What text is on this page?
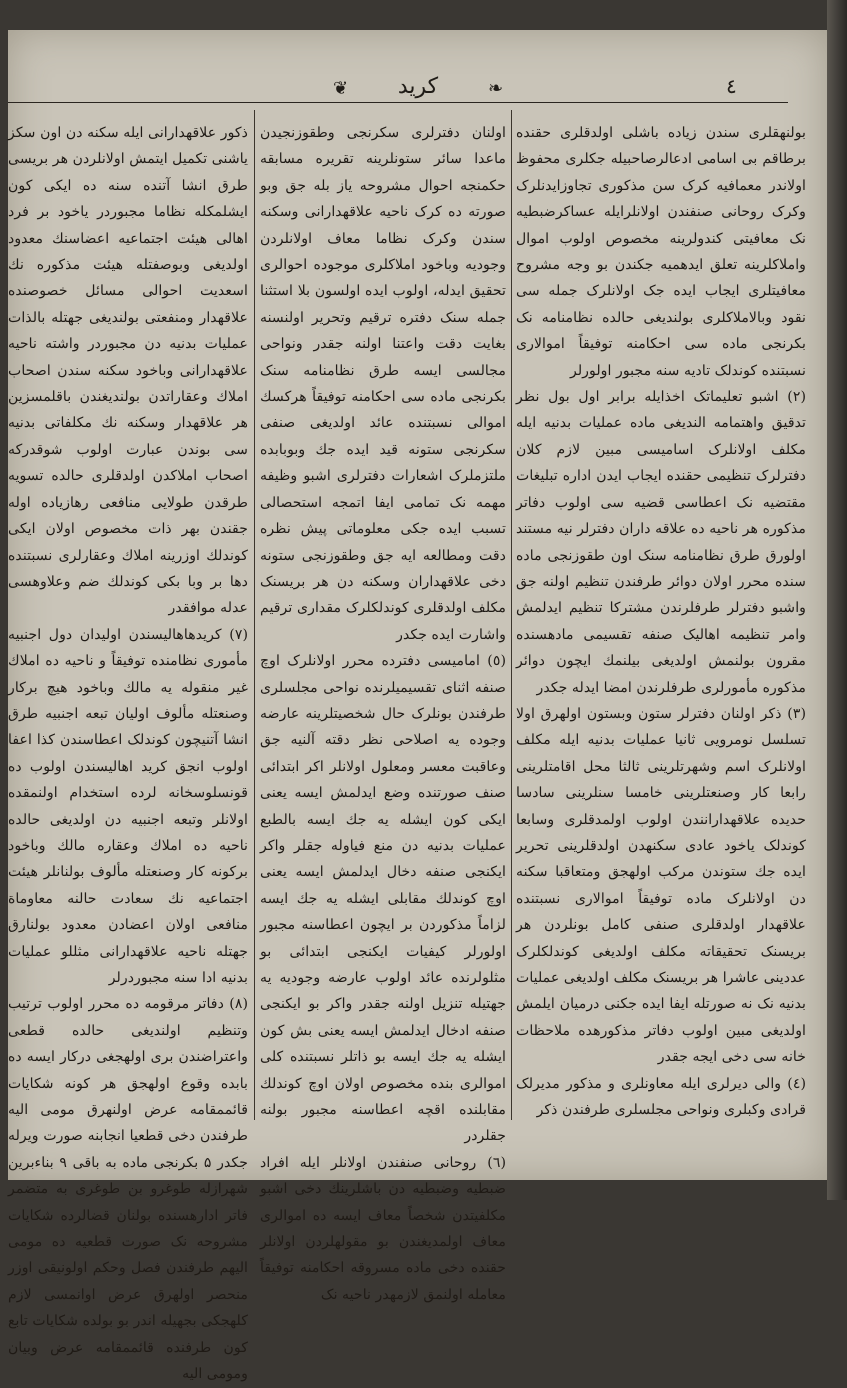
❦	كريد	❧	٤

بولنهقلری سندن زیاده باشلی اولدقلری حقنده برطاقم بی اسامی ادعالرصاحبیله جکلری محفوظ اولاندر معمافیه کرک سن مذکوری تجاوزایدنلرک وکرک روحانی صنفندن اولانلرایله عساکرضبطیه نک معافیتی کندولرینه مخصوص اولوب اموال واملاکلرینه تعلق ایدهمیه جکندن بو وجه مشروح معافیتلری ایجاب ایده جک اولانلرک جمله سی نقود وبالاملاکلری بولندیغی حالده نظامنامه نک بکرنجی ماده سی احکامنه توفیقاً اموالاری نسبتنده کوندلک تادیه سنه مجبور اولورلر

(٢) اشبو تعلیماتک اخذایله برابر اول بول نظر تدقیق واهتمامه الندیغی ماده عملیات بدنیه ایله مکلف اولانلرک اسامیسی مبین لازم کلان دفترلرک تنظیمی حقنده ایجاب ایدن اداره تبلیغات مقتضیه نک اعطاسی قضیه سی اولوب دفاتر مذکوره هر ناحیه ده علاقه داران دفترلر نیه مستند اولورق طرق نظامنامه سنک اون طقوزنجی ماده سنده محرر اولان دوائر طرفندن تنظیم اولنه جق واشبو دفترلر طرفلرندن مشترکا تنظیم ایدلمش وامر تنظیمه اهالیک صنفه تقسیمی مادهسنده مقرون بولنمش اولدیغی بیلنمك ایچون دوائر مذکوره مأمورلری طرفلرندن امضا ایدله جکدر

(٣) ذکر اولنان دفترلر ستون وبستون اولهرق اولا تسلسل نومرویی ثانیا عملیات بدنیه ایله مکلف اولانلرک اسم وشهرتلرینی ثالثا محل اقامتلرینی رابعا کار وصنعتلرینی خامسا سنلرینی سادسا حدیده علاقهدارانندن اولوب اولمدقلری وسابعا کوندلک یاخود عادی سکنهدن اولدقلرینی تحریر ایده جك ستوندن مرکب اولهجق ومتعاقبا سکنه دن اولانلرک ماده توفیقاً اموالاری نسبتنده علاقهدار اولدقلری صنفی کامل بونلردن هر بریسنک تحقیقاته مکلف اولدیغی کوندلکلرک عددینی عاشرا هر بریسنک مکلف اولدیغی عملیات بدنیه نک نه صورتله ایفا ایده جکنی درمیان ایلمش اولدیغی مبین اولوب دفاتر مذکورهده ملاحظات خانه سی دخی ایجه جقدر

(٤) والی دیرلری ایله معاونلری و مذکور مدیرلک قرادی وکبلری ونواحی مجلسلری طرفندن ذکر

اولنان دفترلری سکرنجی وطقوزنجیدن ماعدا سائر ستونلرینه تقریره مسابقه حکمنجه احوال مشروحه یاز بله جق وبو صورته ده کرک ناحیه علاقهدارانی وسکنه سندن وکرک نظاما معاف اولانلردن وجودیه وباخود املاکلری موجوده احوالری تحقیق ایدله، اولوب ایده اولسون بلا استثنا جمله سنک دفتره ترقیم وتحریر اولنسنه بغایت دقت واعتنا اولنه جقدر ونواحی مجالسی ایسه طرق نظامنامه سنک بکرنجی ماده سی احکامنه توفیقاً هرکسك اموالی نسبتنده عائد اولدیغی صنفی سکرنجی ستونه قید ایده جك وبوبابده ملتزملرک اشعارات دفترلری اشبو وظیفه مهمه نک تمامی ایفا اتمجه استحصالی تسبب ایده جکی معلوماتی پیش نظره دقت ومطالعه ایه جق وطقوزنجی ستونه دخی علاقهداران وسکنه دن هر بریسنک مکلف اولدقلری کوندلکلرک مقداری ترقیم واشارت ایده جکدر

(٥) امامیسی دفترده محرر اولانلرک اوچ صنفه اثنای تقسیمیلرنده نواحی مجلسلری طرفندن بونلرک حال شخصیتلرینه عارضه وجوده یه اصلاحی نظر دقته آلنیه جق وعاقبت معسر ومعلول اولانلر اکر ابتدائی صنف صورتنده وضع ایدلمش ایسه یعنی ایکی کون ایشله یه جك ایسه بالطبع عملیات بدنیه دن منع فیاوله جقلر واکر ایکنجی صنفه دخال ایدلمش ایسه یعنی اوچ کوندلك مقابلی ایشله یه جك ایسه لزاماً مذکوردن بر ایچون اعطاسنه مجبور اولورلر کیفیات ایکنجی ابتدائی بو مثلولرنده عائد اولوب عارضه وجودیه یه جهتیله تنزیل اولنه جقدر واکر بو ایکنجی صنفه ادخال ایدلمش ایسه یعنی بش کون ایشله یه جك ایسه بو ذاتلر نسبتنده کلی اموالری بنده مخصوص اولان اوچ کوندلك مقابلنده اقچه اعطاسنه مجبور بولنه جقلردر

(٦) روحانی صنفندن اولانلر ایله افراد ضبطیه وضبطیه دن باشلرینك دخی اشبو مکلفیتدن شخصاً معاف ایسه ده اموالری معاف اولمدیغندن بو مقولهلردن اولانلر حقنده دخی ماده مسروقه احکامنه توفیقاً معامله اولنمق لازمهدر ناحیه نک

ذکور علاقهدارانی ایله سکنه دن اون سکز یاشنی تکمیل ایتمش اولانلردن هر بریسی طرق انشا آتنده سنه ده ایکی کون ایشلمکله نظاما مجبوردر یاخود بر فرد اهالی هیئت اجتماعیه اعضاسنك معدود اولدیغی وبوصفتله هیئت مذکوره نك اسعدیت احوالی مسائل خصوصنده علاقهدار ومنفعتی بولندیغی جهتله بالذات عملیات بدنیه دن مجبوردر واشته ناحیه علاقهدارانی وباخود سکنه سندن اصحاب املاك وعقاراتدن بولندیغندن باقلمسزین هر علاقهدار وسکنه نك مکلفاتی بدنیه سی بوندن عبارت اولوب شوقدرکه اصحاب املاکدن اولدقلری حالده تسویه طرقدن طولایی منافعی رهازیاده اوله جقندن بهر ذات مخصوص اولان ایکی کوندلك اوزرینه املاك وعقارلری نسبتنده دها بر وبا بکی کوندلك ضم وعلاوهسی عدله موافقدر

(٧) کریدهاهالیسندن اولیدان دول اجنبیه مأموری نظامنده توفیقاً و ناحیه ده املاك غیر منقوله یه مالك وباخود هیچ برکار وصنعتله مألوف اولیان تبعه اجنبیه طرق انشا آتنیچون کوندلک اعطاسندن کذا اعفا اولوب انجق کرید اهالیسندن اولوب ده قونسلوسخانه لرده استخدام اولنمقده اولانلر وتبعه اجنبیه دن اولدیغی حالده ناحیه ده املاك وعقاره مالك وباخود برکونه کار وصنعتله مألوف بولنانلر هیئت اجتماعیه نك سعادت حالنه معاوماة منافعی اولان اعضادن معدود بولنارق جهتله ناحیه علاقهدارانی مثللو عملیات بدنیه ادا سنه مجبوردرلر

(٨) دفاتر مرقومه ده محرر اولوب ترتیب وتنظیم اولندیغی حالده قطعی واعتراضندن بری اولهجغی درکار ایسه ده بابده وقوع اولهجق هر کونه شکایات قائممقامه عرض اولنهرق مومی الیه طرفندن دخی قطعیا انجابنه صورت ویرله جکدر ۵ بکرنجی ماده به باقی ۹ بناءبرین شهرازله طوغرو بن طوغری به متضمر فاتر ادارهسنده بولنان قضالرده شکایات مشروحه نک صورت قطعیه ده مومی الیهم طرفندن فصل وحکم اولونیقی اوزر منحصر اولهرق عرض اوانمسی لازم کلهجکی بجهیله اندر بو بولده شکایات تابع کون طرفنده قائممقامه عرض وبیان ومومی الیه
